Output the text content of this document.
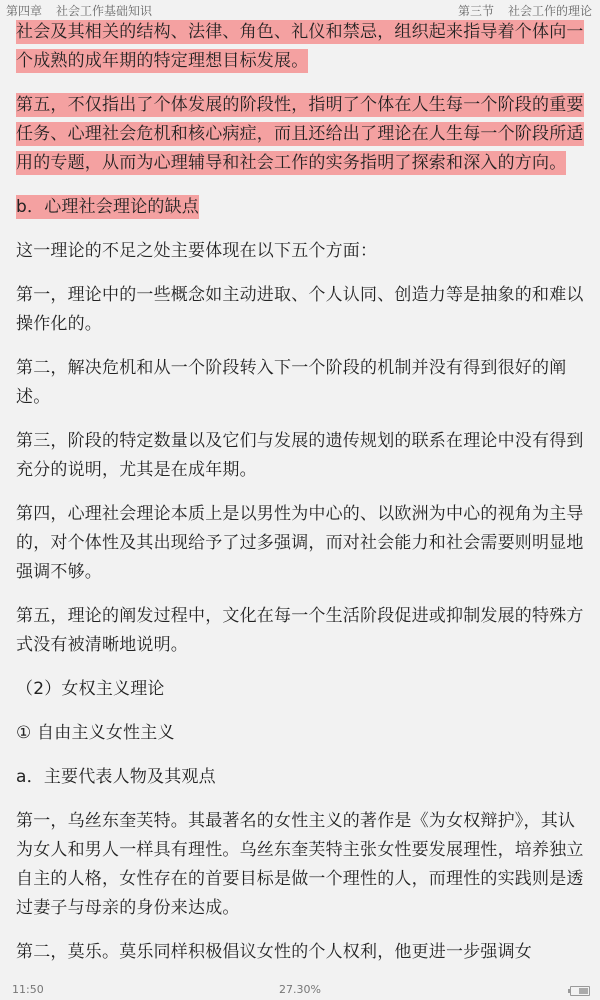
第四章 社会工作基础知识	第三节 社会工作的理论

社会及其相关的结构、法律、角色、礼仪和禁忌，组织起来指导着个体向一个成熟的成年期的特定理想目标发展。

第五，不仅指出了个体发展的阶段性，指明了个体在人生每一个阶段的重要任务、心理社会危机和核心病症，而且还给出了理论在人生每一个阶段所适用的专题，从而为心理辅导和社会工作的实务指明了探索和深入的方向。

b．心理社会理论的缺点

这一理论的不足之处主要体现在以下五个方面：

第一，理论中的一些概念如主动进取、个人认同、创造力等是抽象的和难以操作化的。

第二，解决危机和从一个阶段转入下一个阶段的机制并没有得到很好的阐述。

第三，阶段的特定数量以及它们与发展的遗传规划的联系在理论中没有得到充分的说明，尤其是在成年期。

第四，心理社会理论本质上是以男性为中心的、以欧洲为中心的视角为主导的，对个体性及其出现给予了过多强调，而对社会能力和社会需要则明显地强调不够。

第五，理论的阐发过程中，文化在每一个生活阶段促进或抑制发展的特殊方式没有被清晰地说明。

（2）女权主义理论

① 自由主义女性主义

a．主要代表人物及其观点

第一，乌丝东奎芙特。其最著名的女性主义的著作是《为女权辩护》，其认为女人和男人一样具有理性。乌丝东奎芙特主张女性要发展理性，培养独立自主的人格，女性存在的首要目标是做一个理性的人，而理性的实践则是透过妻子与母亲的身份来达成。

第二，莫乐。莫乐同样积极倡议女性的个人权利，他更进一步强调女

11:50	27.30%
